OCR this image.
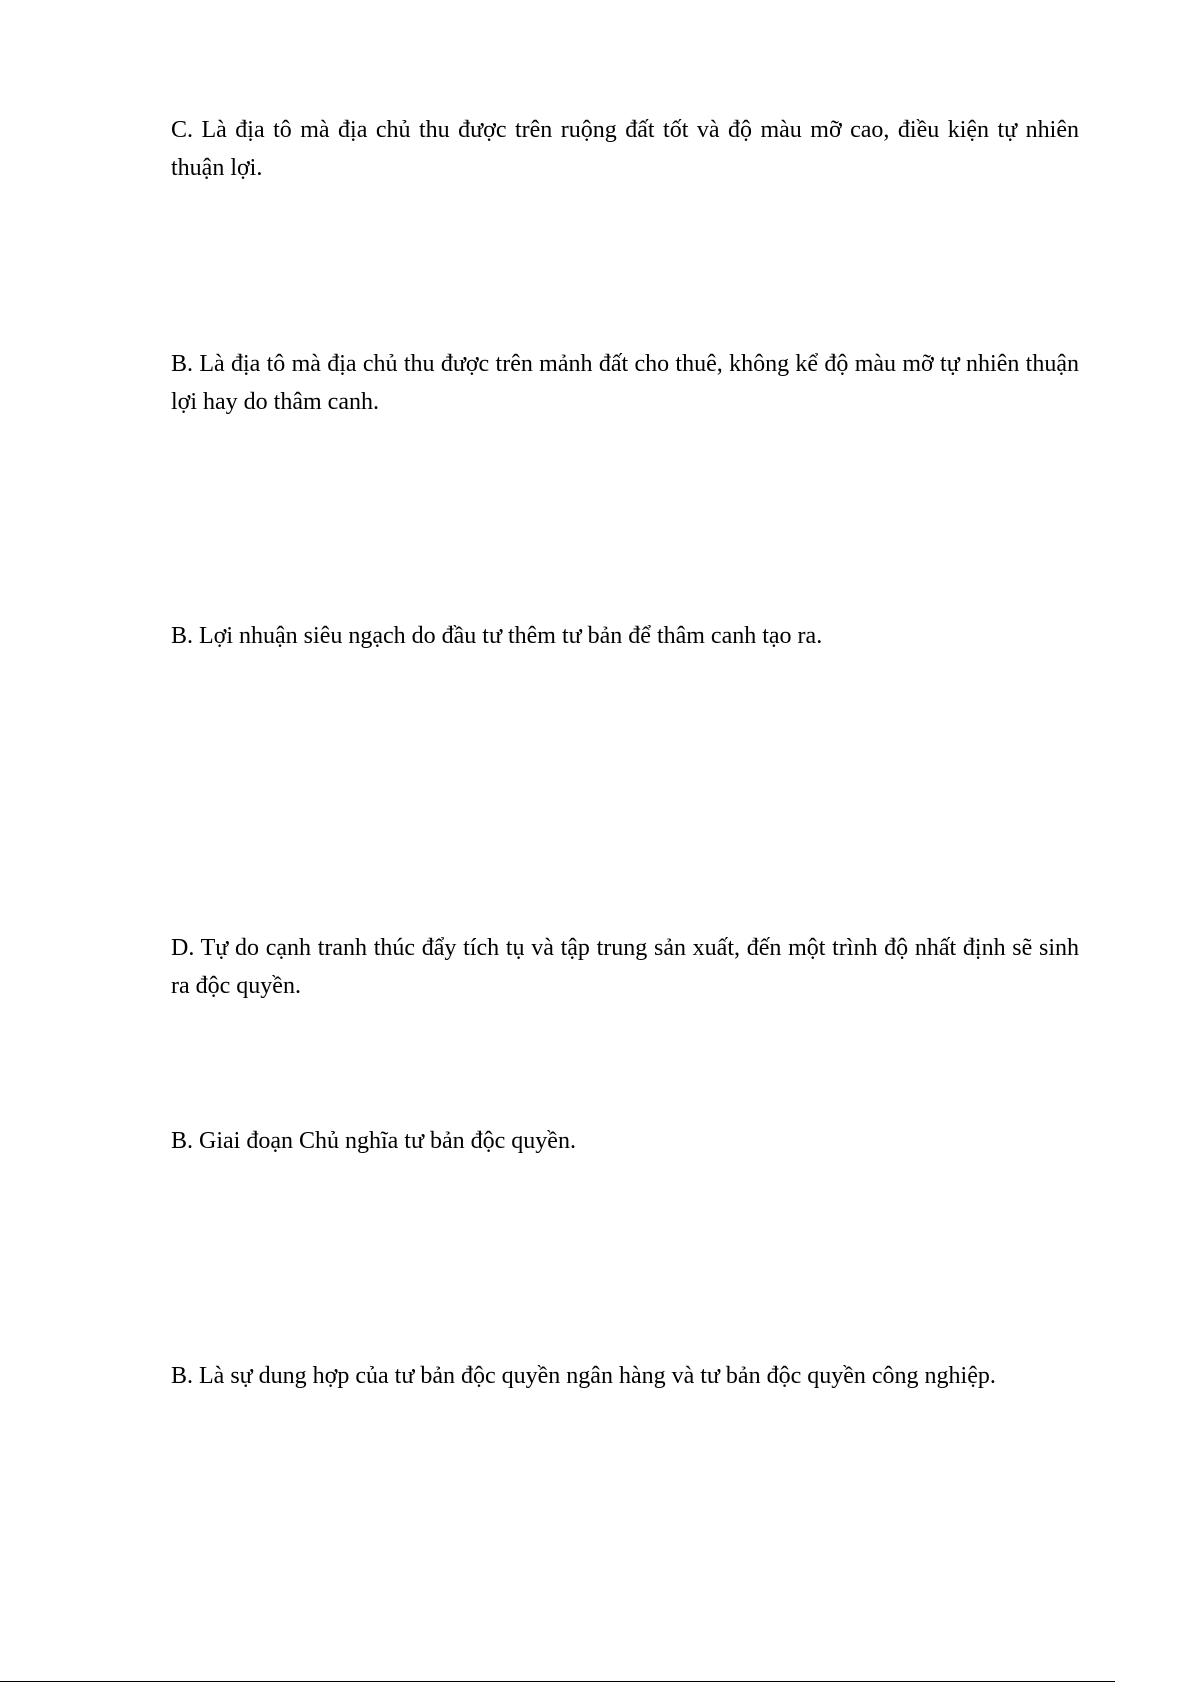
C. Là địa tô mà địa chủ thu được trên ruộng đất tốt và độ màu mỡ cao, điều kiện tự nhiên thuận lợi.

B. Là địa tô mà địa chủ thu được trên mảnh đất cho thuê, không kể độ màu mỡ tự nhiên thuận lợi hay do thâm canh.

B. Lợi nhuận siêu ngạch do đầu tư thêm tư bản để thâm canh tạo ra.

D. Tự do cạnh tranh thúc đẩy tích tụ và tập trung sản xuất, đến một trình độ nhất định sẽ sinh ra độc quyền.

B. Giai đoạn Chủ nghĩa tư bản độc quyền.

B. Là sự dung hợp của tư bản độc quyền ngân hàng và tư bản độc quyền công nghiệp.
